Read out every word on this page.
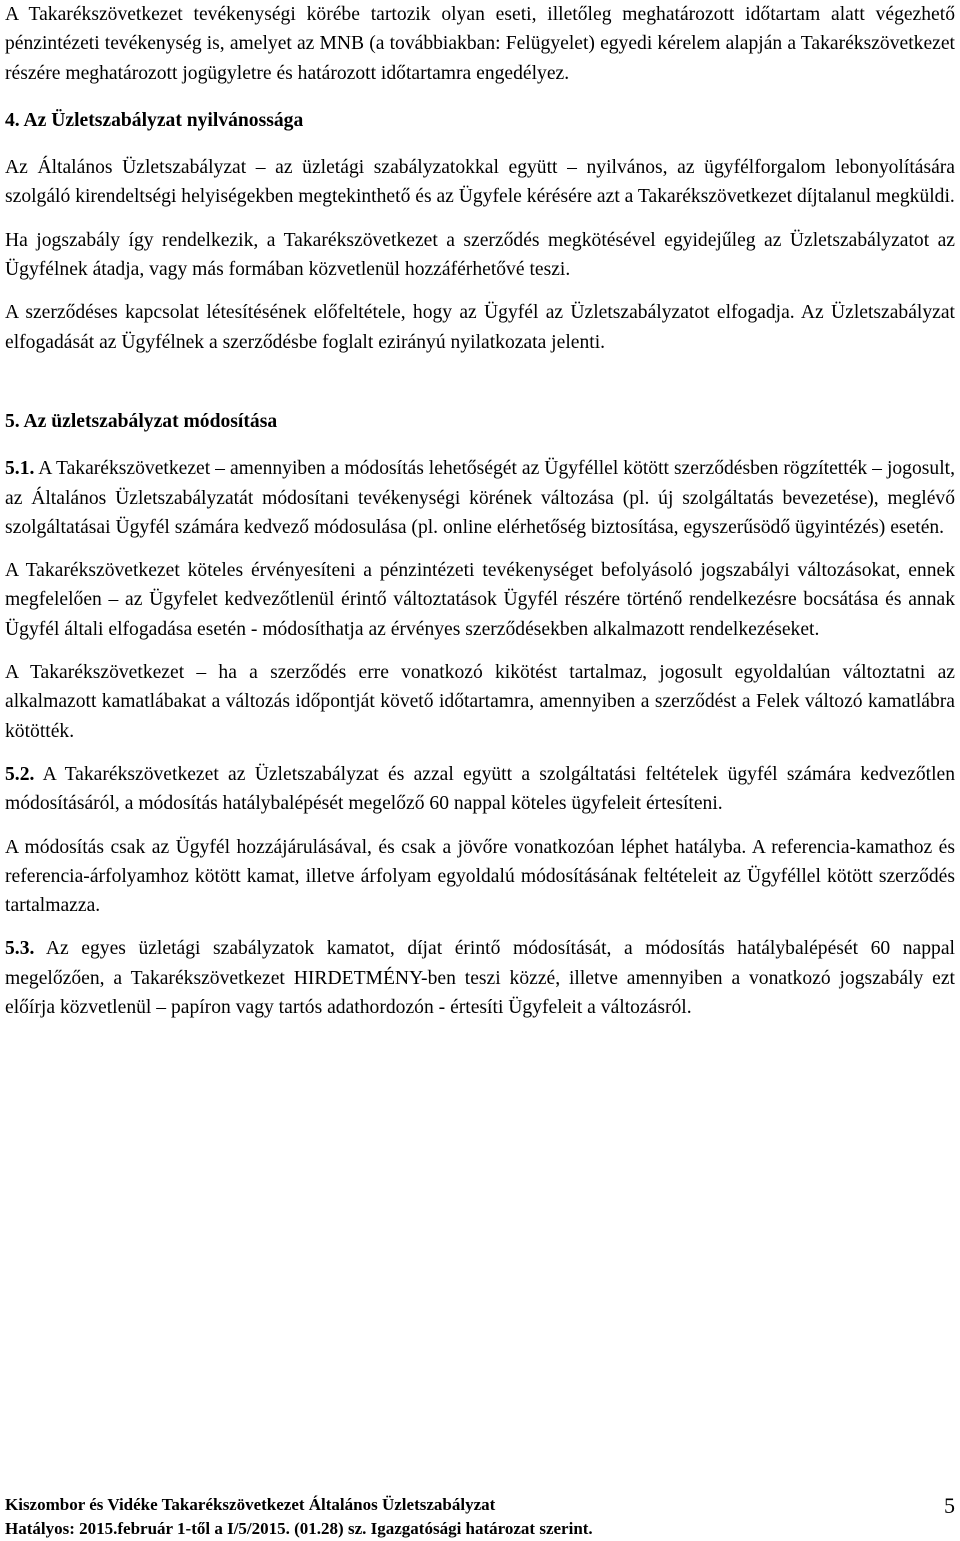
A Takarékszövetkezet tevékenységi körébe tartozik olyan eseti, illetőleg meghatározott időtartam alatt végezhető pénzintézeti tevékenység is, amelyet az MNB (a továbbiakban: Felügyelet) egyedi kérelem alapján a Takarékszövetkezet részére meghatározott jogügyletre és határozott időtartamra engedélyez.

4. Az Üzletszabályzat nyilvánossága

Az Általános Üzletszabályzat – az üzletági szabályzatokkal együtt – nyilvános, az ügyfélforgalom lebonyolítására szolgáló kirendeltségi helyiségekben megtekinthető és az Ügyfele kérésére azt a Takarékszövetkezet díjtalanul megküldi.

Ha jogszabály így rendelkezik, a Takarékszövetkezet a szerződés megkötésével egyidejűleg az Üzletszabályzatot az Ügyfélnek átadja, vagy más formában közvetlenül hozzáférhetővé teszi.

A szerződéses kapcsolat létesítésének előfeltétele, hogy az Ügyfél az Üzletszabályzatot elfogadja. Az Üzletszabályzat elfogadását az Ügyfélnek a szerződésbe foglalt ezirányú nyilatkozata jelenti.

5. Az üzletszabályzat módosítása

5.1. A Takarékszövetkezet – amennyiben a módosítás lehetőségét az Ügyféllel kötött szerződésben rögzítették – jogosult, az Általános Üzletszabályzatát módosítani tevékenységi körének változása (pl. új szolgáltatás bevezetése), meglévő szolgáltatásai Ügyfél számára kedvező módosulása (pl. online elérhetőség biztosítása, egyszerűsödő ügyintézés) esetén.

A Takarékszövetkezet köteles érvényesíteni a pénzintézeti tevékenységet befolyásoló jogszabályi változásokat, ennek megfelelően – az Ügyfelet kedvezőtlenül érintő változtatások Ügyfél részére történő rendelkezésre bocsátása és annak Ügyfél általi elfogadása esetén - módosíthatja az érvényes szerződésekben alkalmazott rendelkezéseket.

A Takarékszövetkezet – ha a szerződés erre vonatkozó kikötést tartalmaz, jogosult egyoldalúan változtatni az alkalmazott kamatlábakat a változás időpontját követő időtartamra, amennyiben a szerződést a Felek változó kamatlábra kötötték.

5.2. A Takarékszövetkezet az Üzletszabályzat és azzal együtt a szolgáltatási feltételek ügyfél számára kedvezőtlen módosításáról, a módosítás hatálybalépését megelőző 60 nappal köteles ügyfeleit értesíteni.

A módosítás csak az Ügyfél hozzájárulásával, és csak a jövőre vonatkozóan léphet hatályba. A referencia-kamathoz és referencia-árfolyamhoz kötött kamat, illetve árfolyam egyoldalú módosításának feltételeit az Ügyféllel kötött szerződés tartalmazza.

5.3. Az egyes üzletági szabályzatok kamatot, díjat érintő módosítását, a módosítás hatálybalépését 60 nappal megelőzően, a Takarékszövetkezet HIRDETMÉNY-ben teszi közzé, illetve amennyiben a vonatkozó jogszabály ezt előírja közvetlenül – papíron vagy tartós adathordozón - értesíti Ügyfeleit a változásról.

Kiszombor és Vidéke Takarékszövetkezet Általános Üzletszabályzat
Hatályos: 2015.február 1-től a I/5/2015. (01.28) sz. Igazgatósági határozat szerint.
5
